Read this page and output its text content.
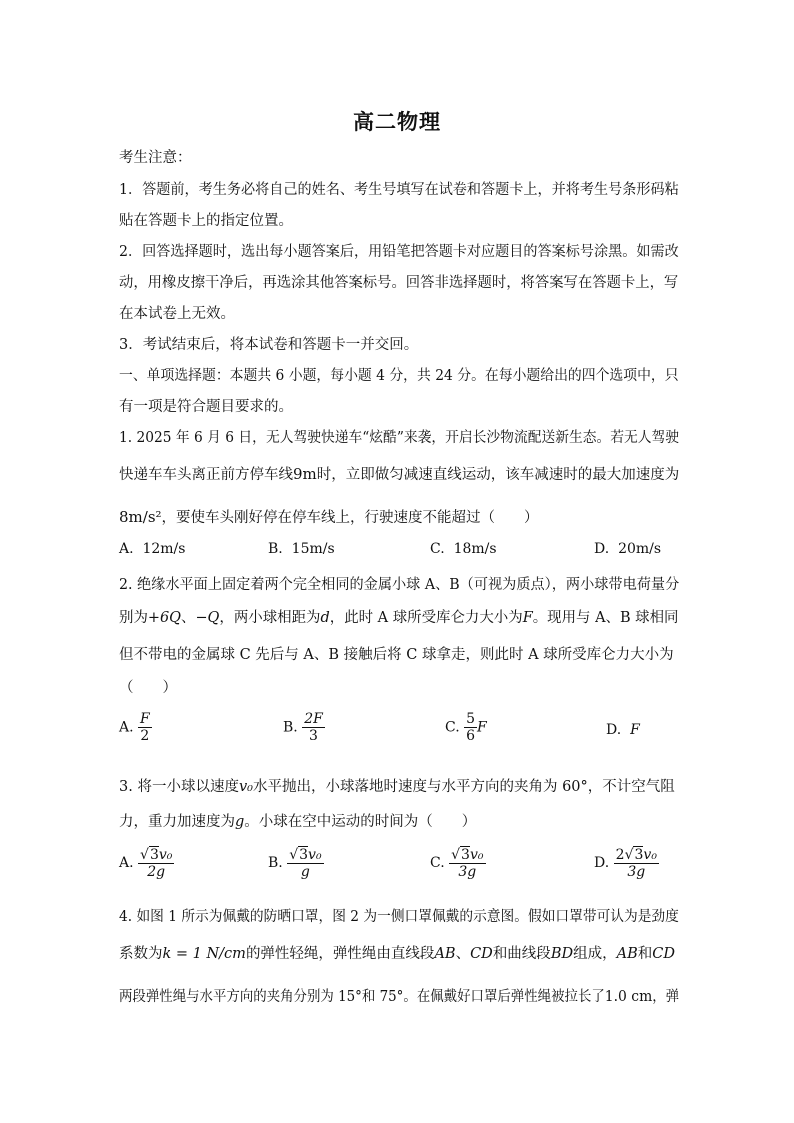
高二物理
考生注意：
1．答题前，考生务必将自己的姓名、考生号填写在试卷和答题卡上，并将考生号条形码粘
贴在答题卡上的指定位置。
2．回答选择题时，选出每小题答案后，用铅笔把答题卡对应题目的答案标号涂黑。如需改
动，用橡皮擦干净后，再选涂其他答案标号。回答非选择题时，将答案写在答题卡上，写
在本试卷上无效。
3．考试结束后，将本试卷和答题卡一并交回。
一、单项选择题：本题共 6 小题，每小题 4 分，共 24 分。在每小题给出的四个选项中，只
有一项是符合题目要求的。
1. 2025 年 6 月 6 日，无人驾驶快递车“炫酷”来袭，开启长沙物流配送新生态。若无人驾驶
快递车车头离正前方停车线9m时，立即做匀减速直线运动，该车减速时的最大加速度为
8m/s²，要使车头刚好停在停车线上，行驶速度不能超过（　　）
A. 12m/s	B. 15m/s	C. 18m/s	D. 20m/s
2. 绝缘水平面上固定着两个完全相同的金属小球 A、B（可视为质点），两小球带电荷量分
别为+6Q、−Q，两小球相距为d，此时 A 球所受库仑力大小为F。现用与 A、B 球相同
但不带电的金属球 C 先后与 A、B 接触后将 C 球拿走，则此时 A 球所受库仑力大小为
（　　）
A. $\frac{F}{2}$	B. $\frac{2F}{3}$	C. $\frac{5}{6}$ F	D. F
3. 将一小球以速度v₀水平抛出，小球落地时速度与水平方向的夹角为 60°，不计空气阻
力，重力加速度为g。小球在空中运动的时间为（　　）
A. $\frac{\text{√3v₀}}{2g}$	B. $\frac{\text{√3v₀}}{g}$	C. $\frac{\text{√3v₀}}{3g}$	D. $\frac{\text{2√3v₀}}{3g}$
4. 如图 1 所示为佩戴的防晒口罩，图 2 为一侧口罩佩戴的示意图。假如口罩带可认为是劲度
系数为k = 1 N/cm的弹性轻绳，弹性绳由直线段AB、CD和曲线段BD组成，AB和CD
两段弹性绳与水平方向的夹角分别为 15°和 75°。在佩戴好口罩后弹性绳被拉长了1.0 cm，弹
